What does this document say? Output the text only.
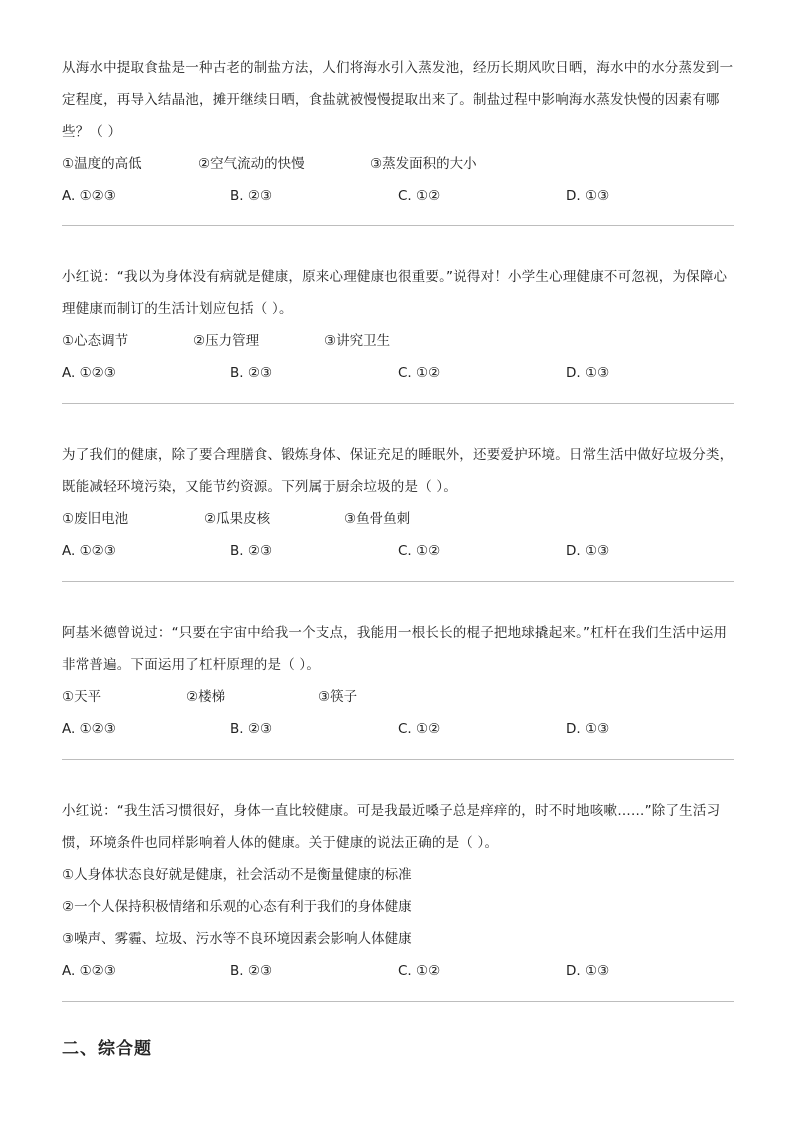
从海水中提取食盐是一种古老的制盐方法，人们将海水引入蒸发池，经历长期风吹日晒，海水中的水分蒸发到一定程度，再导入结晶池，摊开继续日晒，食盐就被慢慢提取出来了。制盐过程中影响海水蒸发快慢的因素有哪些？（ ）

①温度的高低	②空气流动的快慢	③蒸发面积的大小
A. ①②③	B. ②③	C. ①②	D. ①③

小红说：“我以为身体没有病就是健康，原来心理健康也很重要。”说得对！小学生心理健康不可忽视，为保障心理健康而制订的生活计划应包括（ ）。

①心态调节	②压力管理	③讲究卫生
A. ①②③	B. ②③	C. ①②	D. ①③

为了我们的健康，除了要合理膳食、锻炼身体、保证充足的睡眠外，还要爱护环境。日常生活中做好垃圾分类，既能减轻环境污染，又能节约资源。下列属于厨余垃圾的是（ ）。

①废旧电池	②瓜果皮核	③鱼骨鱼刺
A. ①②③	B. ②③	C. ①②	D. ①③

阿基米德曾说过：“只要在宇宙中给我一个支点，我能用一根长长的棍子把地球撬起来。”杠杆在我们生活中运用非常普遍。下面运用了杠杆原理的是（ ）。

①天平	②楼梯	③筷子
A. ①②③	B. ②③	C. ①②	D. ①③

小红说：“我生活习惯很好，身体一直比较健康。可是我最近嗓子总是痒痒的，时不时地咳嗽……”除了生活习惯，环境条件也同样影响着人体的健康。关于健康的说法正确的是（ ）。

①人身体状态良好就是健康，社会活动不是衡量健康的标准

②一个人保持积极情绪和乐观的心态有利于我们的身体健康

③噪声、雾霾、垃圾、污水等不良环境因素会影响人体健康

A. ①②③	B. ②③	C. ①②	D. ①③
二、综合题
